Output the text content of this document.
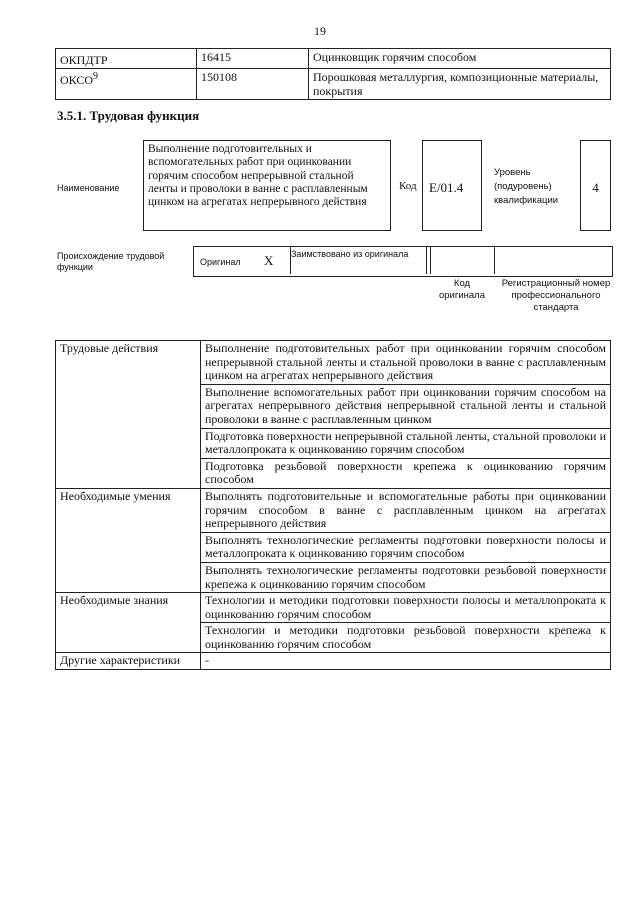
19
ОКПДТР	16415	Оцинковщик горячим способом
ОКСО$^9$	150108	Порошковая металлургия, композиционные материалы, покрытия
3.5.1. Трудовая функция
Наименование
Выполнение подготовительных и вспомогательных работ при оцинковании горячим способом непрерывной стальной ленты и проволоки в ванне с расплавленным цинком на агрегатах непрерывного действия
Код E/01.4
Уровень (подуровень) квалификации
4
Происхождение трудовой функции	Оригинал X Заимствовано из оригинала
Код оригинала
Регистрационный номер профессионального стандарта
Трудовые действия	Выполнение подготовительных работ при оцинковании горячим способом непрерывной стальной ленты и стальной проволоки в ванне с расплавленным цинком на агрегатах непрерывного действия
	Выполнение вспомогательных работ при оцинковании горячим способом на агрегатах непрерывного действия непрерывной стальной ленты и стальной проволоки в ванне с расплавленным цинком
	Подготовка поверхности непрерывной стальной ленты, стальной проволоки и металлопроката к оцинкованию горячим способом
	Подготовка резьбовой поверхности крепежа к оцинкованию горячим способом
Необходимые умения	Выполнять подготовительные и вспомогательные работы при оцинковании горячим способом в ванне с расплавленным цинком на агрегатах непрерывного действия
	Выполнять технологические регламенты подготовки поверхности полосы и металлопроката к оцинкованию горячим способом
	Выполнять технологические регламенты подготовки резьбовой поверхности крепежа к оцинкованию горячим способом
Необходимые знания	Технологии и методики подготовки поверхности полосы и металлопроката к оцинкованию горячим способом
	Технологии и методики подготовки резьбовой поверхности крепежа к оцинкованию горячим способом
Другие характеристики	-
